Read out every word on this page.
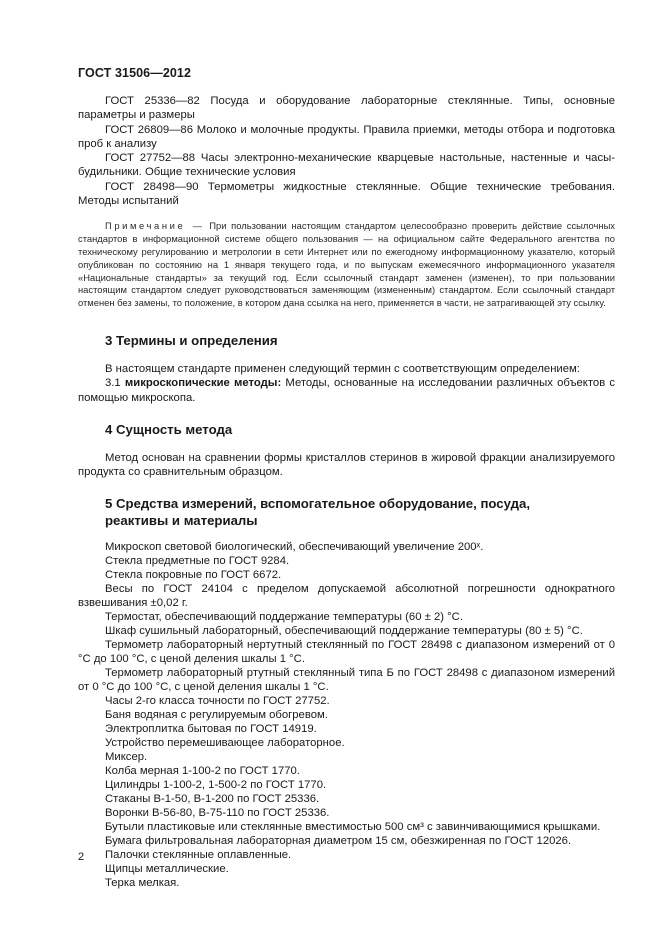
ГОСТ 31506—2012

ГОСТ 25336—82 Посуда и оборудование лабораторные стеклянные. Типы, основные параметры и размеры

ГОСТ 26809—86 Молоко и молочные продукты. Правила приемки, методы отбора и подготовка проб к анализу

ГОСТ 27752—88 Часы электронно-механические кварцевые настольные, настенные и часы-будильники. Общие технические условия

ГОСТ 28498—90 Термометры жидкостные стеклянные. Общие технические требования. Методы испытаний

Примечание — При пользовании настоящим стандартом целесообразно проверить действие ссылочных стандартов в информационной системе общего пользования — на официальном сайте Федерального агентства по техническому регулированию и метрологии в сети Интернет или по ежегодному информационному указателю, который опубликован по состоянию на 1 января текущего года, и по выпускам ежемесячного информационного указателя «Национальные стандарты» за текущий год. Если ссылочный стандарт заменен (изменен), то при пользовании настоящим стандартом следует руководствоваться заменяющим (измененным) стандартом. Если ссылочный стандарт отменен без замены, то положение, в котором дана ссылка на него, применяется в части, не затрагивающей эту ссылку.

3 Термины и определения

В настоящем стандарте применен следующий термин с соответствующим определением:

3.1 микроскопические методы: Методы, основанные на исследовании различных объектов с помощью микроскопа.

4 Сущность метода

Метод основан на сравнении формы кристаллов стеринов в жировой фракции анализируемого продукта со сравнительным образцом.

5 Средства измерений, вспомогательное оборудование, посуда,
реактивы и материалы

Микроскоп световой биологический, обеспечивающий увеличение 200ˣ.

Стекла предметные по ГОСТ 9284.

Стекла покровные по ГОСТ 6672.

Весы по ГОСТ 24104 с пределом допускаемой абсолютной погрешности однократного взвешивания ±0,02 г.

Термостат, обеспечивающий поддержание температуры (60 ± 2) °С.

Шкаф сушильный лабораторный, обеспечивающий поддержание температуры (80 ± 5) °С.

Термометр лабораторный нертутный стеклянный по ГОСТ 28498 с диапазоном измерений от 0 °С до 100 °С, с ценой деления шкалы 1 °С.

Термометр лабораторный ртутный стеклянный типа Б по ГОСТ 28498 с диапазоном измерений от 0 °С до 100 °С, с ценой деления шкалы 1 °С.

Часы 2-го класса точности по ГОСТ 27752.

Баня водяная с регулируемым обогревом.

Электроплитка бытовая по ГОСТ 14919.

Устройство перемешивающее лабораторное.

Миксер.

Колба мерная 1-100-2 по ГОСТ 1770.

Цилиндры 1-100-2, 1-500-2 по ГОСТ 1770.

Стаканы В-1-50, В-1-200 по ГОСТ 25336.

Воронки В-56-80, В-75-110 по ГОСТ 25336.

Бутыли пластиковые или стеклянные вместимостью 500 см³ с завинчивающимися крышками.

Бумага фильтровальная лабораторная диаметром 15 см, обезжиренная по ГОСТ 12026.

Палочки стеклянные оплавленные.

Щипцы металлические.

Терка мелкая.

2
